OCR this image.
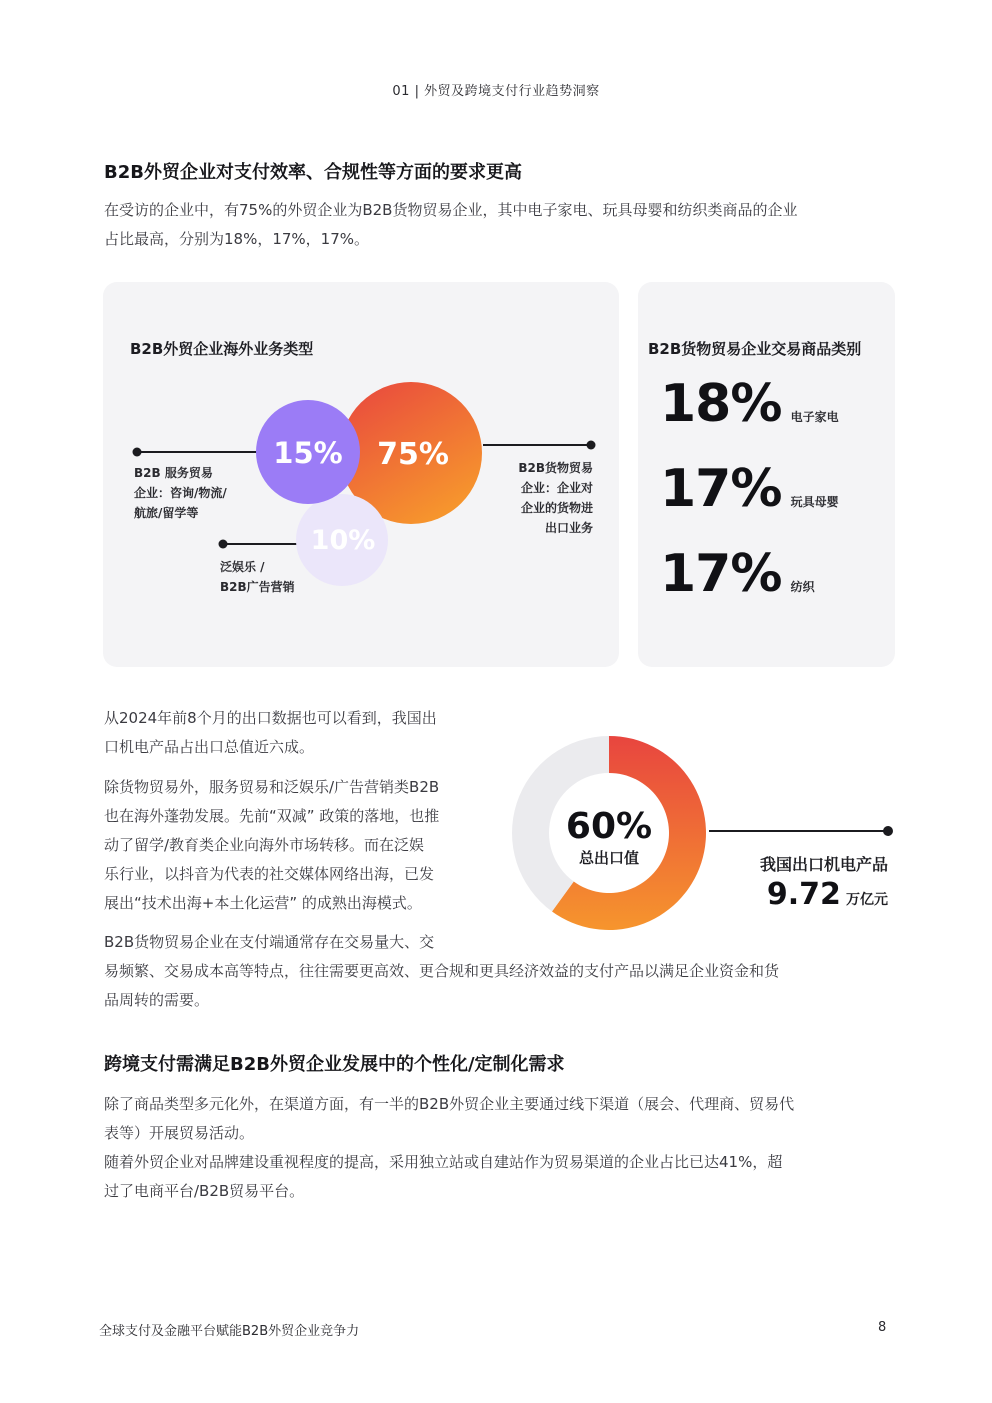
01 | 外贸及跨境支付行业趋势洞察
B2B外贸企业对支付效率、合规性等方面的要求更高
在受访的企业中，有75%的外贸企业为B2B货物贸易企业，其中电子家电、玩具母婴和纺织类商品的企业
占比最高，分别为18%，17%，17%。
B2B外贸企业海外业务类型
75%
15%
10%
B2B 服务贸易
企业：咨询/物流/
航旅/留学等
B2B货物贸易
企业：企业对
企业的货物进
出口业务
泛娱乐 /
B2B广告营销
B2B货物贸易企业交易商品类别
18% 电子家电
17% 玩具母婴
17% 纺织
从2024年前8个月的出口数据也可以看到，我国出
口机电产品占出口总值近六成。
除货物贸易外，服务贸易和泛娱乐/广告营销类B2B
也在海外蓬勃发展。先前“双减” 政策的落地，也推
动了留学/教育类企业向海外市场转移。而在泛娱
乐行业，以抖音为代表的社交媒体网络出海，已发
展出“技术出海+本土化运营” 的成熟出海模式。
B2B货物贸易企业在支付端通常存在交易量大、交
易频繁、交易成本高等特点，往往需要更高效、更合规和更具经济效益的支付产品以满足企业资金和货
品周转的需要。
60%
总出口值	我国出口机电产品
9.72 万亿元
跨境支付需满足B2B外贸企业发展中的个性化/定制化需求
除了商品类型多元化外，在渠道方面，有一半的B2B外贸企业主要通过线下渠道（展会、代理商、贸易代
表等）开展贸易活动。
随着外贸企业对品牌建设重视程度的提高，采用独立站或自建站作为贸易渠道的企业占比已达41%，超
过了电商平台/B2B贸易平台。
全球支付及金融平台赋能B2B外贸企业竞争力	8
